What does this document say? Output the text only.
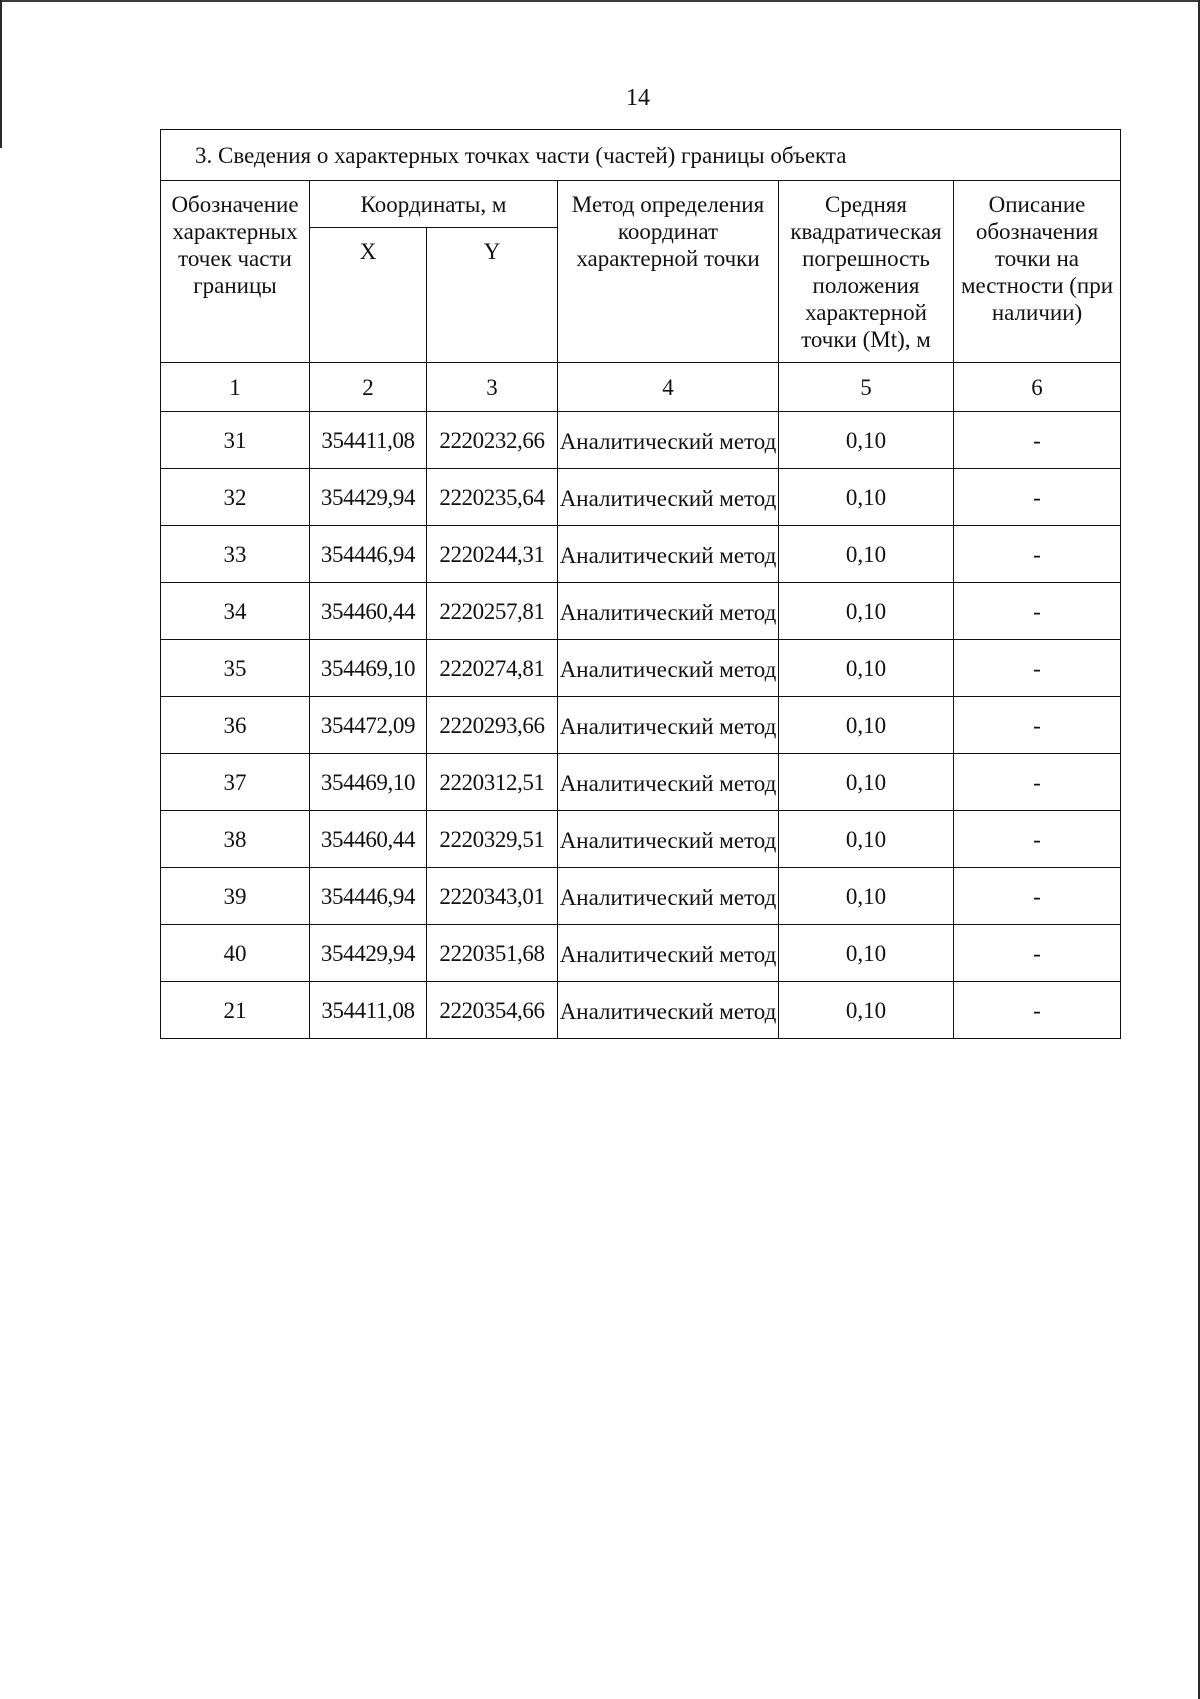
14
3. Сведения о характерных точках части (частей) границы объекта					
Обозначение характерных точек части границы	Координаты, м		Метод определения координат характерной точки	Средняя квадратическая погрешность положения характерной точки (Mt), м	Описание обозначения точки на местности (при наличии)
	X	Y			
1	2	3	4	5	6
31	354411,08	2220232,66	Аналитический метод	0,10	-
32	354429,94	2220235,64	Аналитический метод	0,10	-
33	354446,94	2220244,31	Аналитический метод	0,10	-
34	354460,44	2220257,81	Аналитический метод	0,10	-
35	354469,10	2220274,81	Аналитический метод	0,10	-
36	354472,09	2220293,66	Аналитический метод	0,10	-
37	354469,10	2220312,51	Аналитический метод	0,10	-
38	354460,44	2220329,51	Аналитический метод	0,10	-
39	354446,94	2220343,01	Аналитический метод	0,10	-
40	354429,94	2220351,68	Аналитический метод	0,10	-
21	354411,08	2220354,66	Аналитический метод	0,10	-
